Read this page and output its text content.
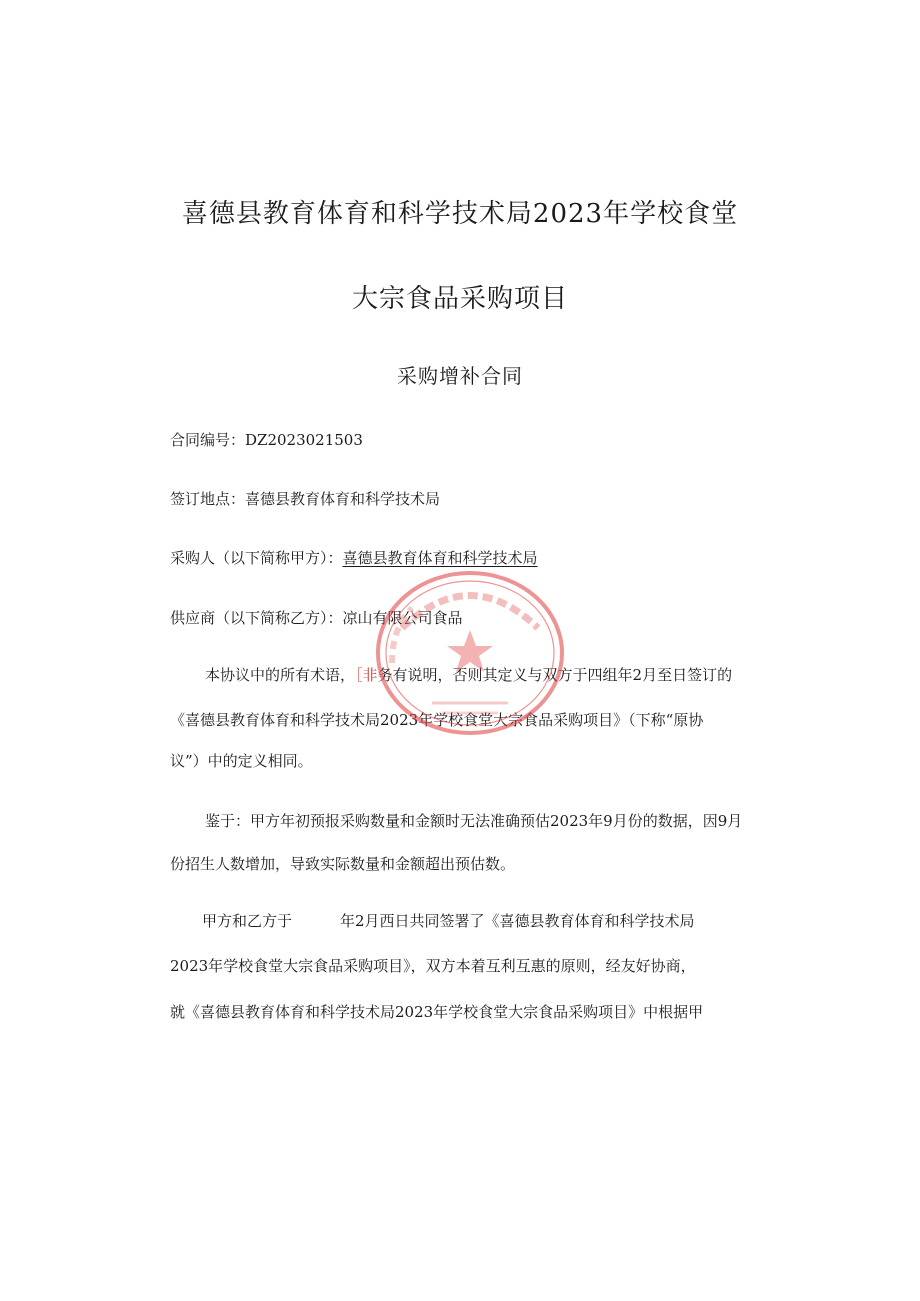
喜德县教育体育和科学技术局2023年学校食堂
大宗食品采购项目
采购增补合同
合同编号：DZ2023021503
签订地点：喜德县教育体育和科学技术局
采购人（以下简称甲方）：喜德县教育体育和科学技术局
供应商（以下简称乙方）：凉山有限公司食品
本协议中的所有术语，［非务有说明，否则其定义与双方于四组年2月至日签订的
《喜德县教育体育和科学技术局2023年学校食堂大宗食品采购项目》（下称“原协
议”）中的定义相同。
鉴于：甲方年初预报采购数量和金额时无法准确预估2023年9月份的数据，因9月
份招生人数增加，导致实际数量和金额超出预估数。
甲方和乙方于	年2月西日共同签署了《喜德县教育体育和科学技术局
2023年学校食堂大宗食品采购项目》，双方本着互利互惠的原则，经友好协商，
就《喜德县教育体育和科学技术局2023年学校食堂大宗食品采购项目》中根据甲
